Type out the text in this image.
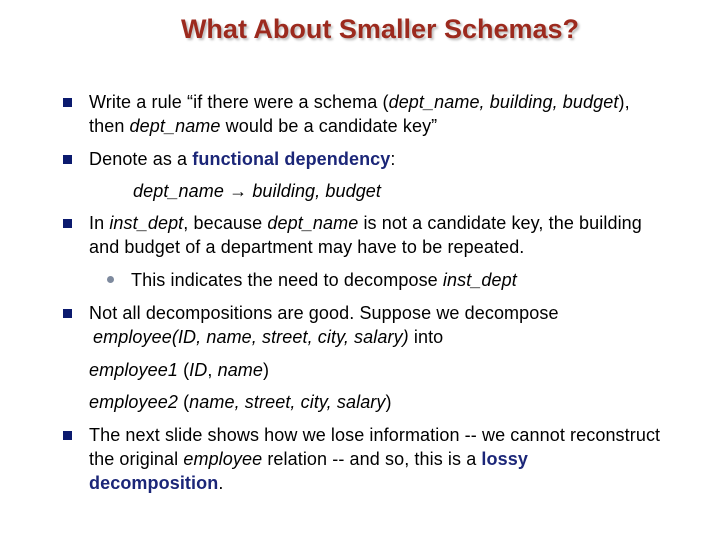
What About Smaller Schemas?
Write a rule “if there were a schema (dept_name, building, budget),
then dept_name would be a candidate key”
Denote as a functional dependency:
dept_name → building, budget
In inst_dept, because dept_name is not a candidate key, the building
and budget of a department may have to be repeated.
This indicates the need to decompose inst_dept
Not all decompositions are good. Suppose we decompose
employee(ID, name, street, city, salary) into
employee1 (ID, name)
employee2 (name, street, city, salary)
The next slide shows how we lose information -- we cannot reconstruct
the original employee relation -- and so, this is a lossy
decomposition.
